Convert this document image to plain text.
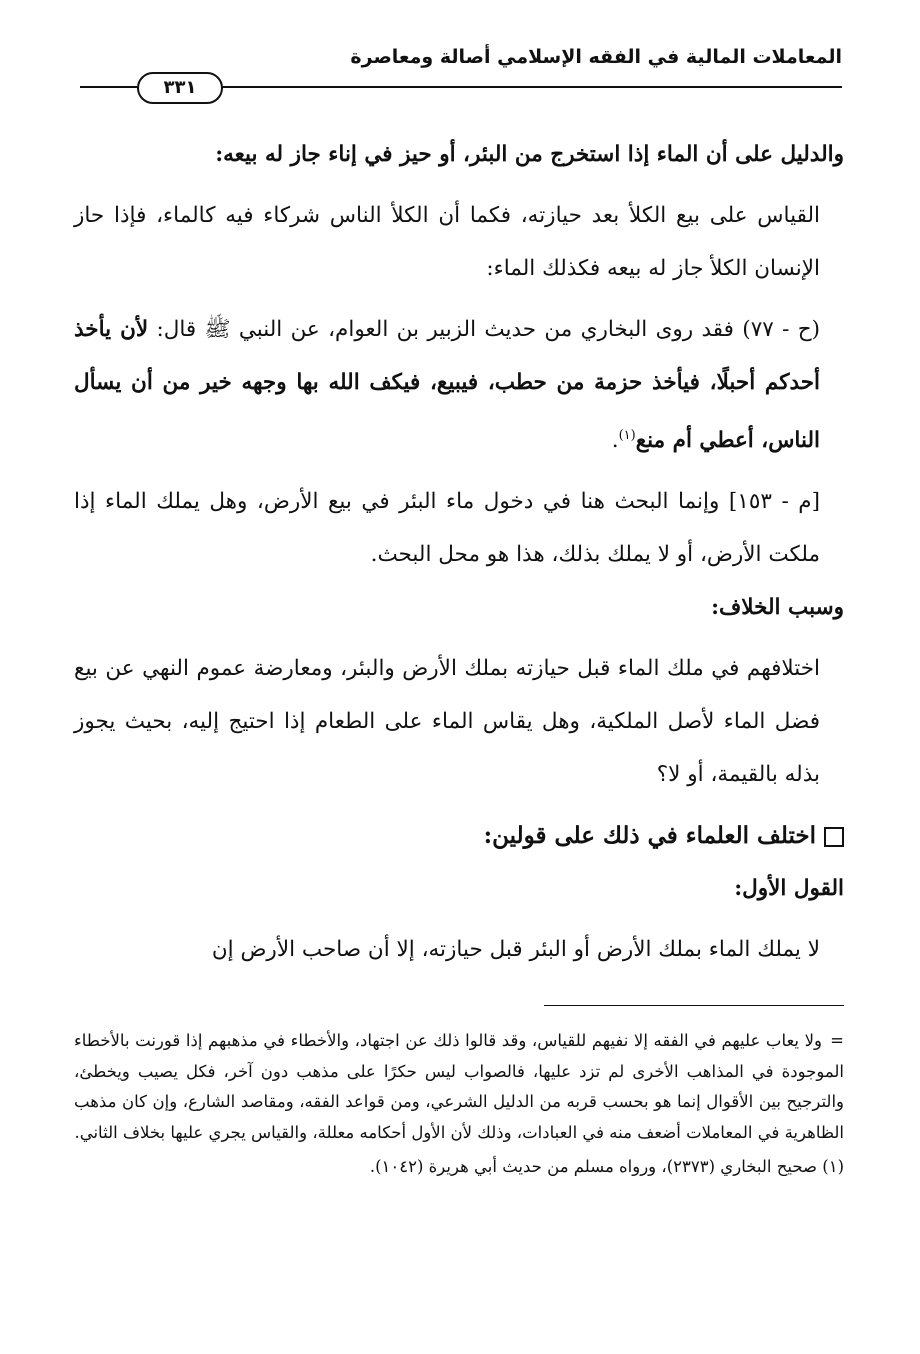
المعاملات المالية في الفقه الإسلامي أصالة ومعاصرة
٣٣١

والدليل على أن الماء إذا استخرج من البئر، أو حيز في إناء جاز له بيعه:

القياس على بيع الكلأ بعد حيازته، فكما أن الكلأ الناس شركاء فيه كالماء، فإذا حاز الإنسان الكلأ جاز له بيعه فكذلك الماء:

(ح - ٧٧) فقد روى البخاري من حديث الزبير بن العوام، عن النبي ﷺ قال: لأن يأخذ أحدكم أحبلًا، فيأخذ حزمة من حطب، فيبيع، فيكف الله بها وجهه خير من أن يسأل الناس، أعطي أم منع$^{(١)}$.

[م - ١٥٣] وإنما البحث هنا في دخول ماء البئر في بيع الأرض، وهل يملك الماء إذا ملكت الأرض، أو لا يملك بذلك، هذا هو محل البحث.

وسبب الخلاف:

اختلافهم في ملك الماء قبل حيازته بملك الأرض والبئر، ومعارضة عموم النهي عن بيع فضل الماء لأصل الملكية، وهل يقاس الماء على الطعام إذا احتيج إليه، بحيث يجوز بذله بالقيمة، أو لا؟

اختلف العلماء في ذلك على قولين:

القول الأول:

لا يملك الماء بملك الأرض أو البئر قبل حيازته، إلا أن صاحب الأرض إن

=ولا يعاب عليهم في الفقه إلا نفيهم للقياس، وقد قالوا ذلك عن اجتهاد، والأخطاء في مذهبهم إذا قورنت بالأخطاء الموجودة في المذاهب الأخرى لم تزد عليها، فالصواب ليس حكرًا على مذهب دون آخر، فكل يصيب ويخطئ، والترجيح بين الأقوال إنما هو بحسب قربه من الدليل الشرعي، ومن قواعد الفقه، ومقاصد الشارع، وإن كان مذهب الظاهرية في المعاملات أضعف منه في العبادات، وذلك لأن الأول أحكامه معللة، والقياس يجري عليها بخلاف الثاني.

(١) صحيح البخاري (٢٣٧٣)، ورواه مسلم من حديث أبي هريرة (١٠٤٢).
